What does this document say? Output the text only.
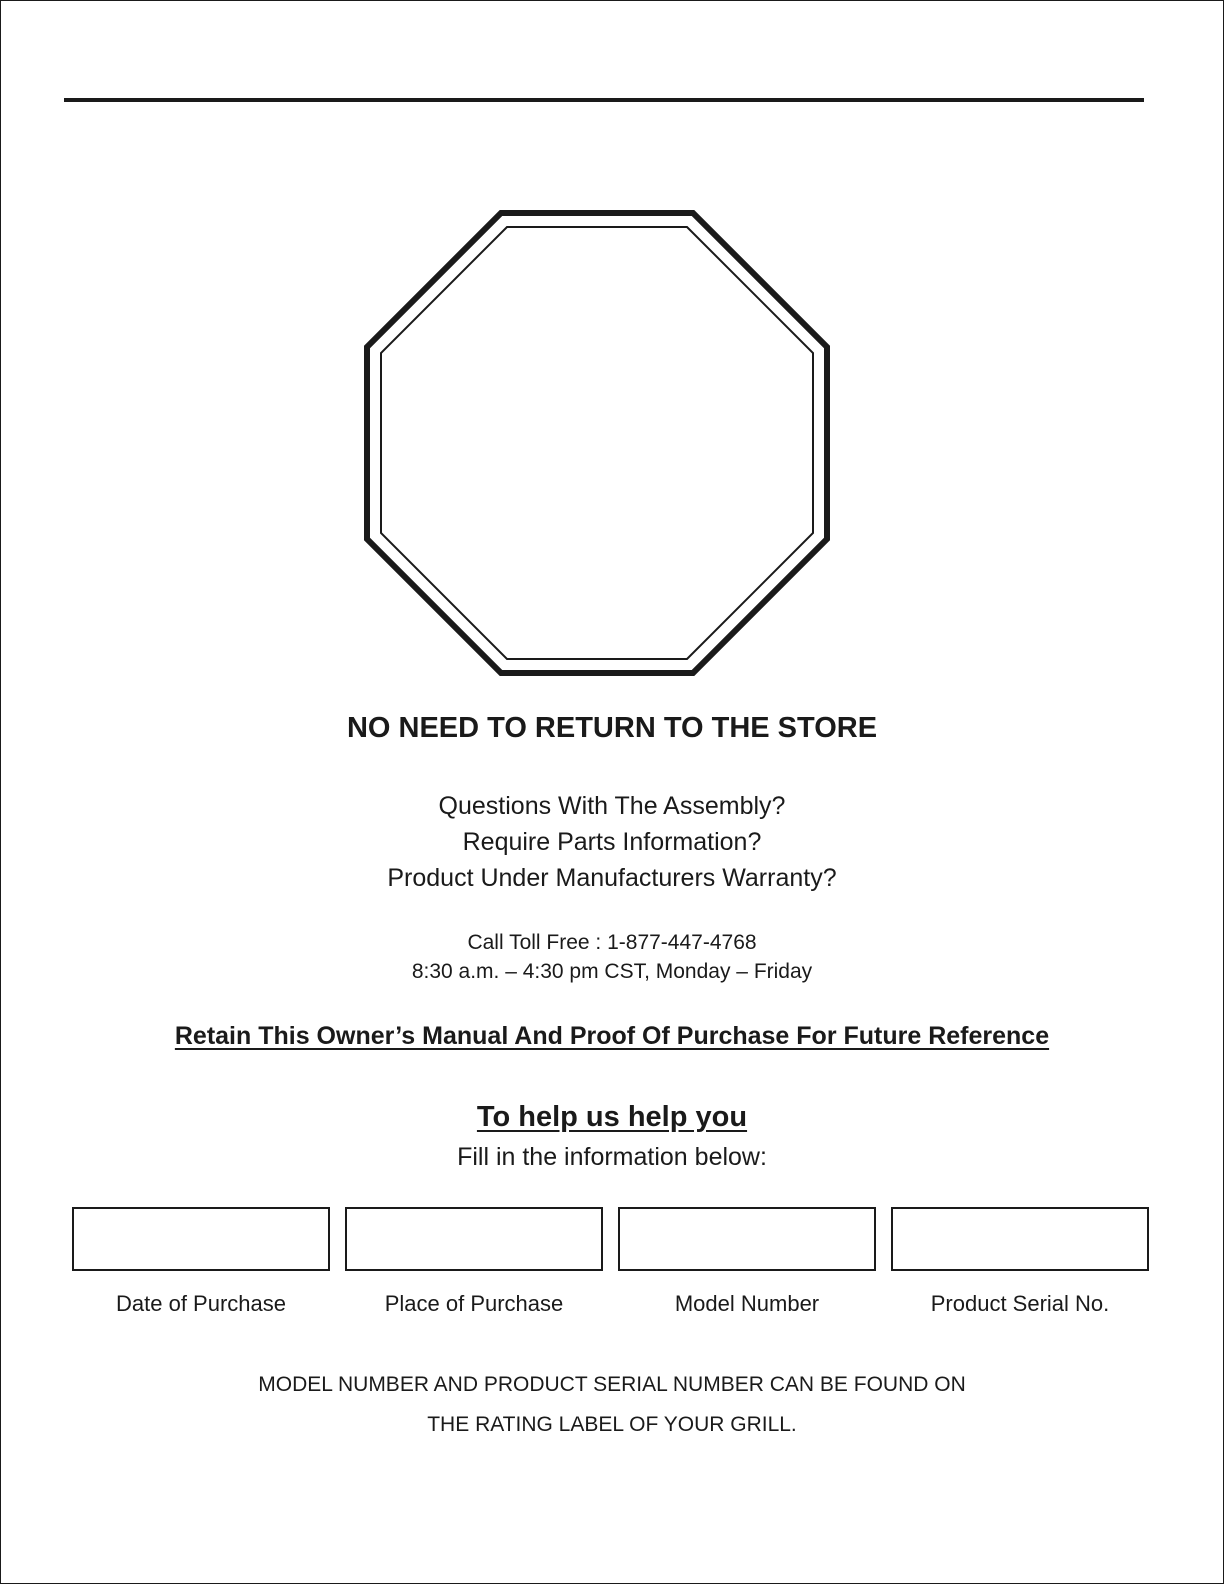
NO NEED TO RETURN TO THE STORE
Questions With The Assembly?
Require Parts Information?
Product Under Manufacturers Warranty?
Call Toll Free : 1-877-447-4768
8:30 a.m. – 4:30 pm CST, Monday – Friday
Retain This Owner’s Manual And Proof Of Purchase For Future Reference
To help us help you
Fill in the information below:
Date of Purchase	Place of Purchase	Model Number	Product Serial No.
MODEL NUMBER AND PRODUCT SERIAL NUMBER CAN BE FOUND ON
THE RATING LABEL OF YOUR GRILL.
